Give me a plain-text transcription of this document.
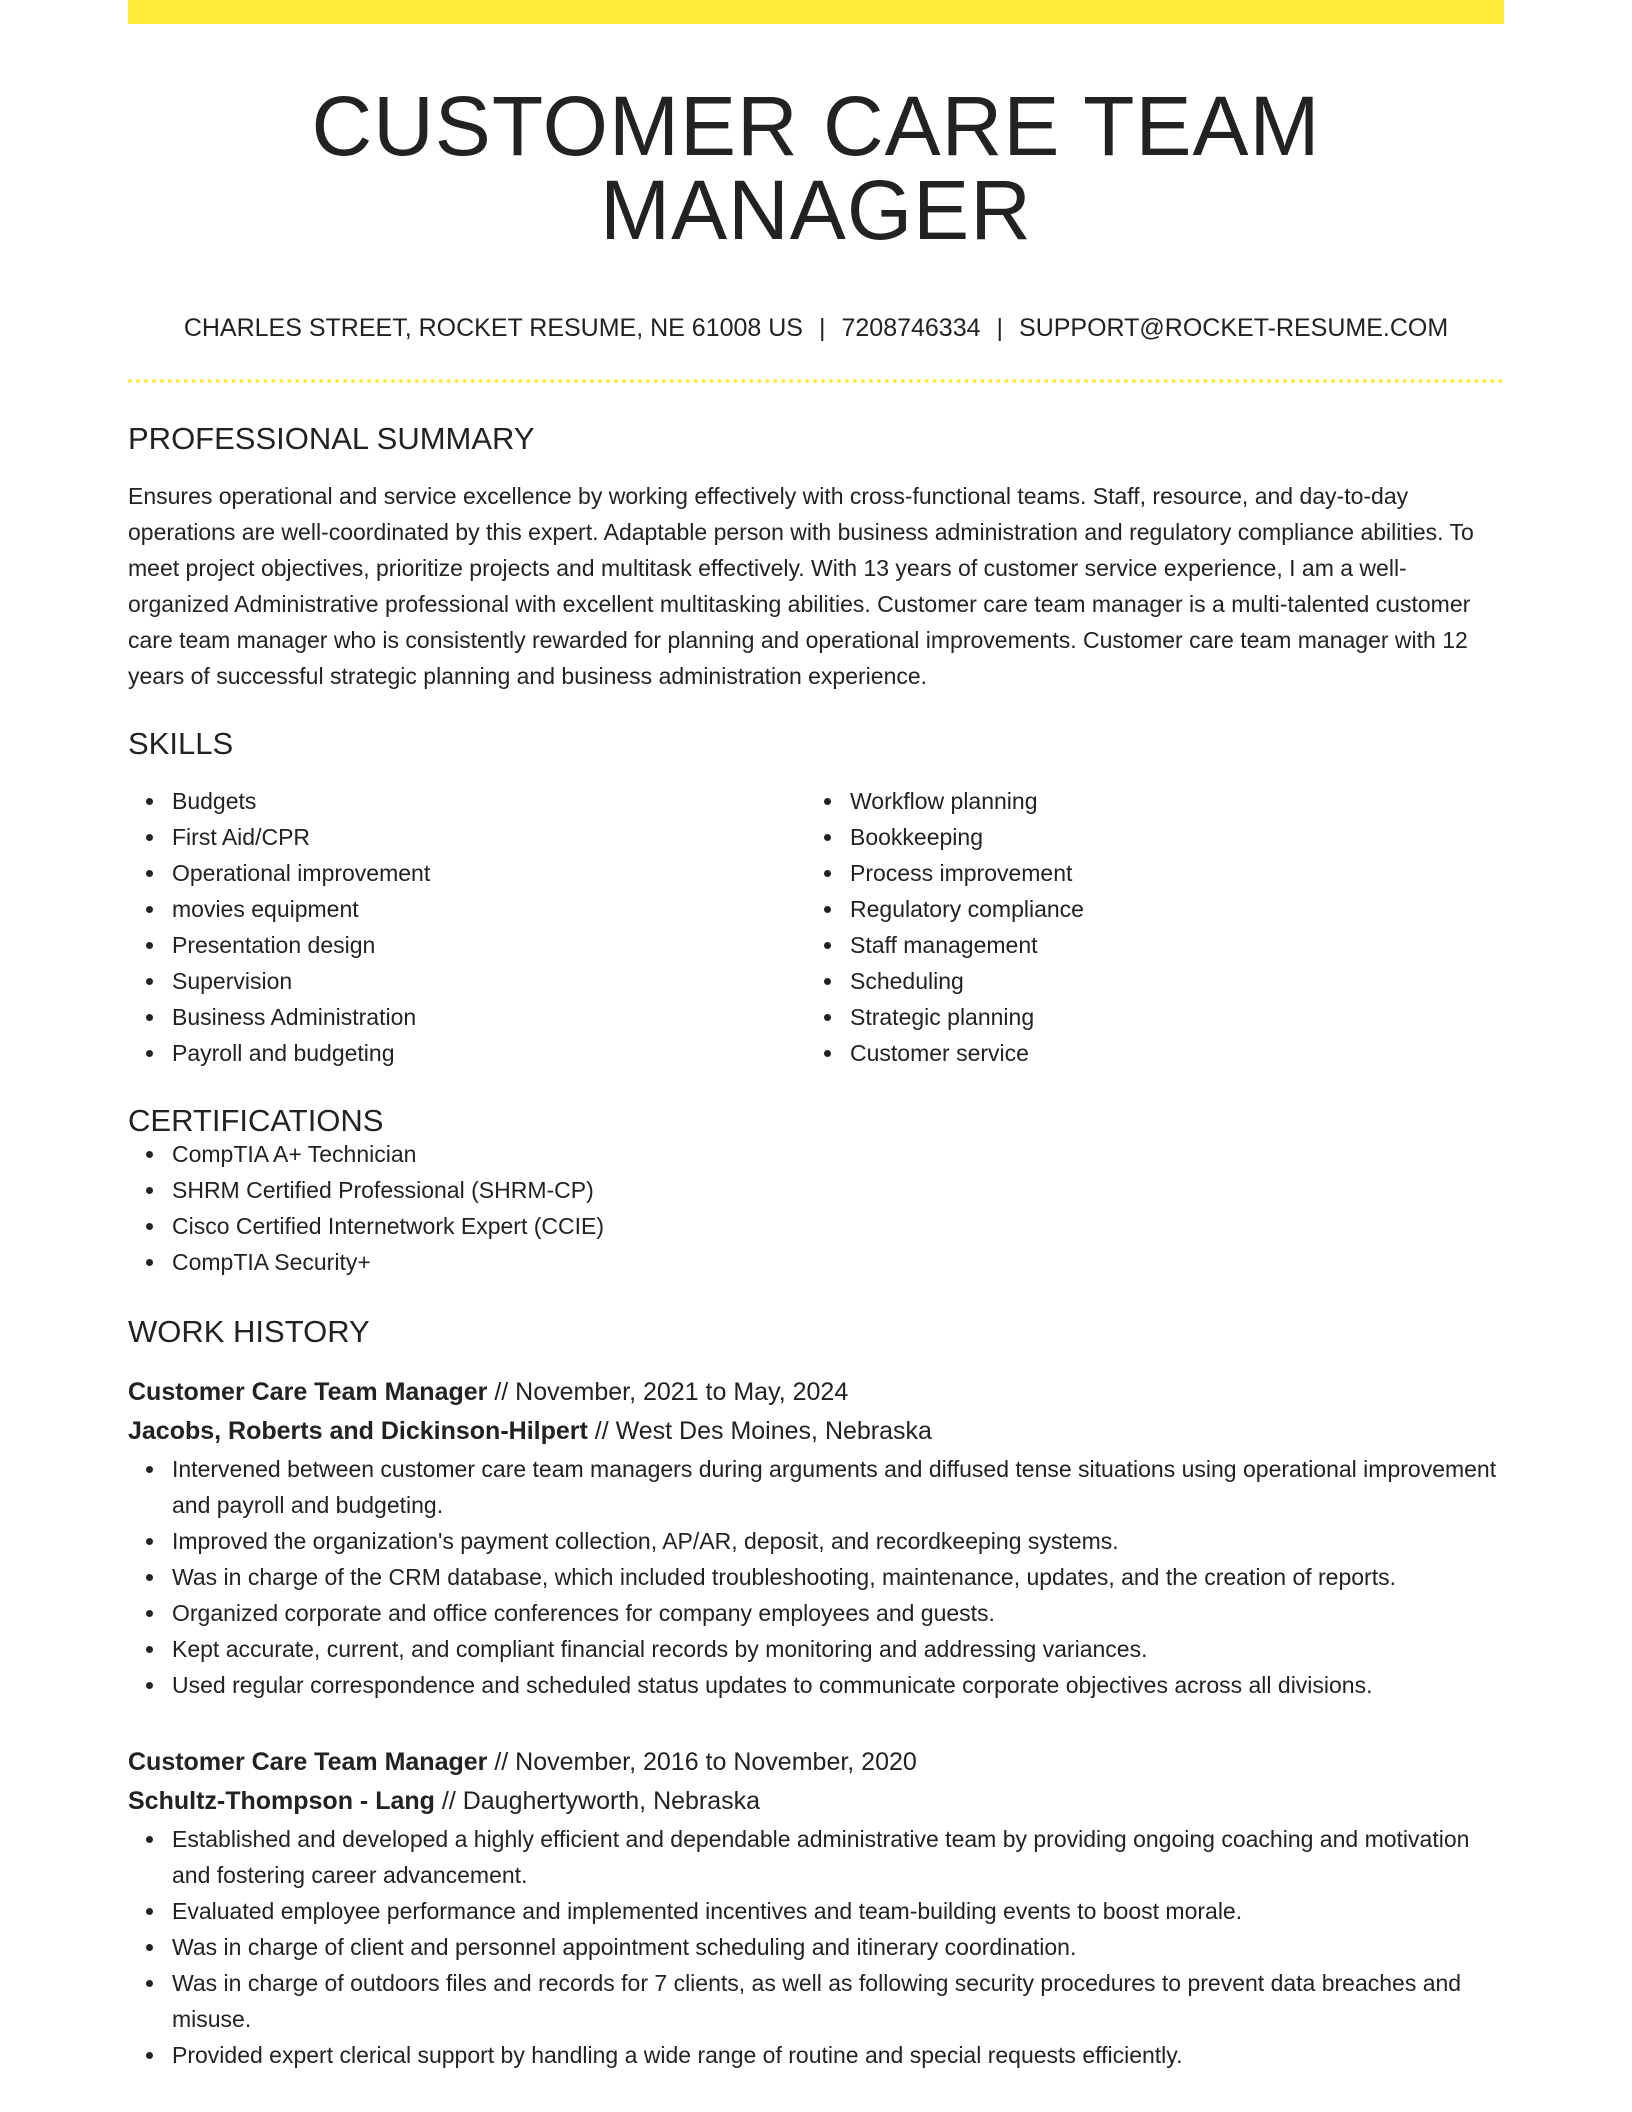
CUSTOMER CARE TEAM MANAGER
CHARLES STREET, ROCKET RESUME, NE 61008 US | 7208746334 | SUPPORT@ROCKET-RESUME.COM
PROFESSIONAL SUMMARY
Ensures operational and service excellence by working effectively with cross-functional teams. Staff, resource, and day-to-day operations are well-coordinated by this expert. Adaptable person with business administration and regulatory compliance abilities. To meet project objectives, prioritize projects and multitask effectively. With 13 years of customer service experience, I am a well-organized Administrative professional with excellent multitasking abilities. Customer care team manager is a multi-talented customer care team manager who is consistently rewarded for planning and operational improvements. Customer care team manager with 12 years of successful strategic planning and business administration experience.
SKILLS
Budgets
First Aid/CPR
Operational improvement
movies equipment
Presentation design
Supervision
Business Administration
Payroll and budgeting
Workflow planning
Bookkeeping
Process improvement
Regulatory compliance
Staff management
Scheduling
Strategic planning
Customer service
CERTIFICATIONS
CompTIA A+ Technician
SHRM Certified Professional (SHRM-CP)
Cisco Certified Internetwork Expert (CCIE)
CompTIA Security+
WORK HISTORY
Customer Care Team Manager // November, 2021 to May, 2024
Jacobs, Roberts and Dickinson-Hilpert // West Des Moines, Nebraska
Intervened between customer care team managers during arguments and diffused tense situations using operational improvement and payroll and budgeting.
Improved the organization's payment collection, AP/AR, deposit, and recordkeeping systems.
Was in charge of the CRM database, which included troubleshooting, maintenance, updates, and the creation of reports.
Organized corporate and office conferences for company employees and guests.
Kept accurate, current, and compliant financial records by monitoring and addressing variances.
Used regular correspondence and scheduled status updates to communicate corporate objectives across all divisions.
Customer Care Team Manager // November, 2016 to November, 2020
Schultz-Thompson - Lang // Daughertyworth, Nebraska
Established and developed a highly efficient and dependable administrative team by providing ongoing coaching and motivation and fostering career advancement.
Evaluated employee performance and implemented incentives and team-building events to boost morale.
Was in charge of client and personnel appointment scheduling and itinerary coordination.
Was in charge of outdoors files and records for 7 clients, as well as following security procedures to prevent data breaches and misuse.
Provided expert clerical support by handling a wide range of routine and special requests efficiently.
